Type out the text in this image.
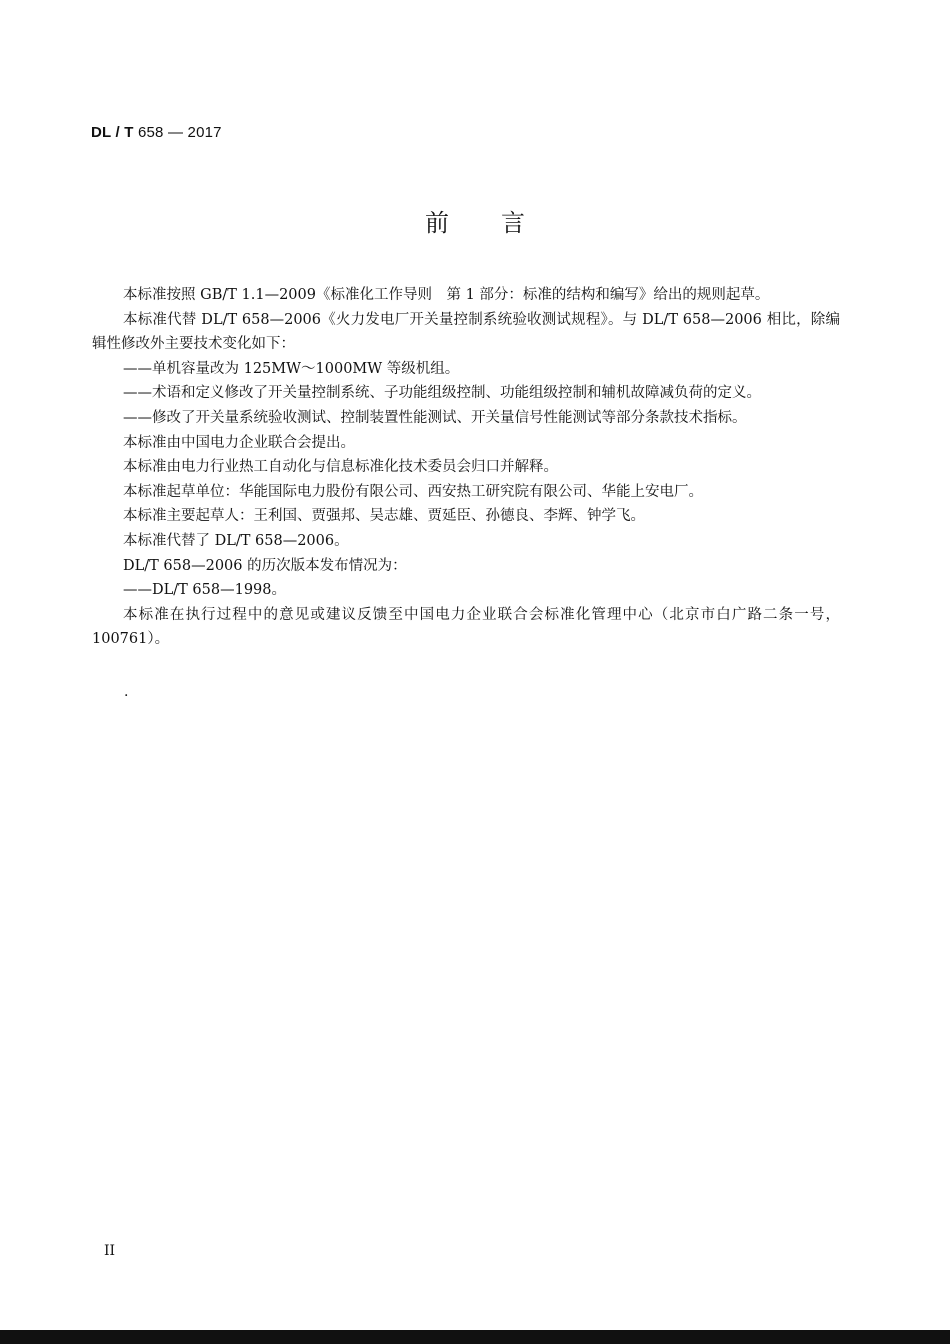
DL / T 658 — 2017
前言

本标准按照 GB/T 1.1—2009《标准化工作导则　第 1 部分：标准的结构和编写》给出的规则起草。

本标准代替 DL/T 658—2006《火力发电厂开关量控制系统验收测试规程》。与 DL/T 658—2006 相比，除编辑性修改外主要技术变化如下：

——单机容量改为 125MW～1000MW 等级机组。

——术语和定义修改了开关量控制系统、子功能组级控制、功能组级控制和辅机故障减负荷的定义。

——修改了开关量系统验收测试、控制装置性能测试、开关量信号性能测试等部分条款技术指标。

本标准由中国电力企业联合会提出。

本标准由电力行业热工自动化与信息标准化技术委员会归口并解释。

本标准起草单位：华能国际电力股份有限公司、西安热工研究院有限公司、华能上安电厂。

本标准主要起草人：王利国、贾强邦、吴志雄、贾延臣、孙德良、李辉、钟学飞。

本标准代替了 DL/T 658—2006。

DL/T 658—2006 的历次版本发布情况为：

——DL/T 658—1998。

本标准在执行过程中的意见或建议反馈至中国电力企业联合会标准化管理中心（北京市白广路二条一号，100761）。

·
II
